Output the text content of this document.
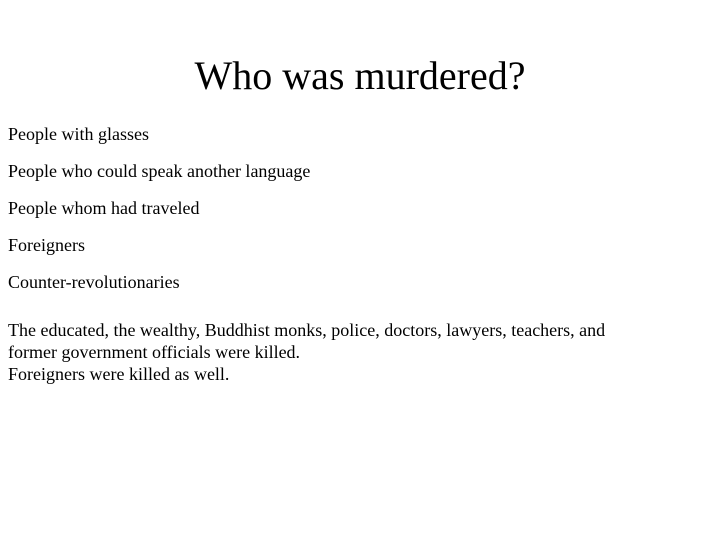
Who was murdered?
People with glasses
People who could speak another language
People whom had traveled
Foreigners
Counter-revolutionaries

The educated, the wealthy, Buddhist monks, police, doctors, lawyers, teachers, and
former government officials were killed.
Foreigners were killed as well.
